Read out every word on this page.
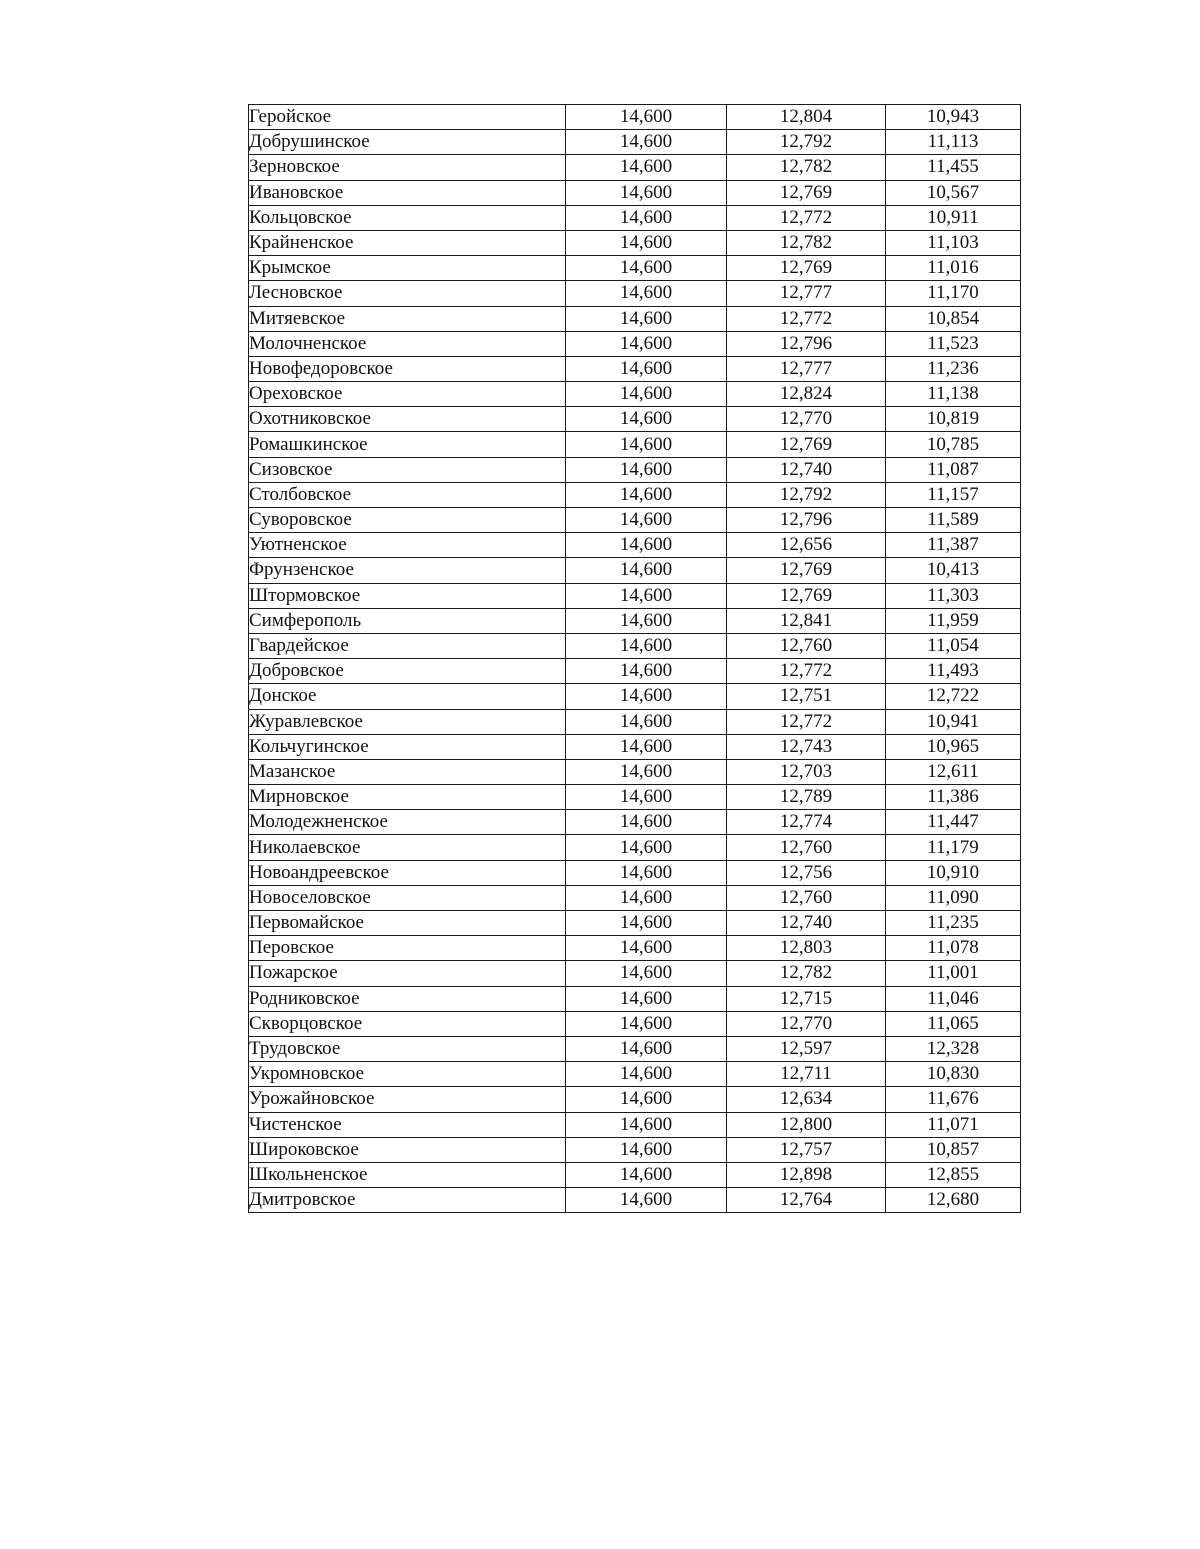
Геройское	14,600	12,804	10,943
Добрушинское	14,600	12,792	11,113
Зерновское	14,600	12,782	11,455
Ивановское	14,600	12,769	10,567
Кольцовское	14,600	12,772	10,911
Крайненское	14,600	12,782	11,103
Крымское	14,600	12,769	11,016
Лесновское	14,600	12,777	11,170
Митяевское	14,600	12,772	10,854
Молочненское	14,600	12,796	11,523
Новофедоровское	14,600	12,777	11,236
Ореховское	14,600	12,824	11,138
Охотниковское	14,600	12,770	10,819
Ромашкинское	14,600	12,769	10,785
Сизовское	14,600	12,740	11,087
Столбовское	14,600	12,792	11,157
Суворовское	14,600	12,796	11,589
Уютненское	14,600	12,656	11,387
Фрунзенское	14,600	12,769	10,413
Штормовское	14,600	12,769	11,303
Симферополь	14,600	12,841	11,959
Гвардейское	14,600	12,760	11,054
Добровское	14,600	12,772	11,493
Донское	14,600	12,751	12,722
Журавлевское	14,600	12,772	10,941
Кольчугинское	14,600	12,743	10,965
Мазанское	14,600	12,703	12,611
Мирновское	14,600	12,789	11,386
Молодежненское	14,600	12,774	11,447
Николаевское	14,600	12,760	11,179
Новоандреевское	14,600	12,756	10,910
Новоселовское	14,600	12,760	11,090
Первомайское	14,600	12,740	11,235
Перовское	14,600	12,803	11,078
Пожарское	14,600	12,782	11,001
Родниковское	14,600	12,715	11,046
Скворцовское	14,600	12,770	11,065
Трудовское	14,600	12,597	12,328
Укромновское	14,600	12,711	10,830
Урожайновское	14,600	12,634	11,676
Чистенское	14,600	12,800	11,071
Широковское	14,600	12,757	10,857
Школьненское	14,600	12,898	12,855
Дмитровское	14,600	12,764	12,680
